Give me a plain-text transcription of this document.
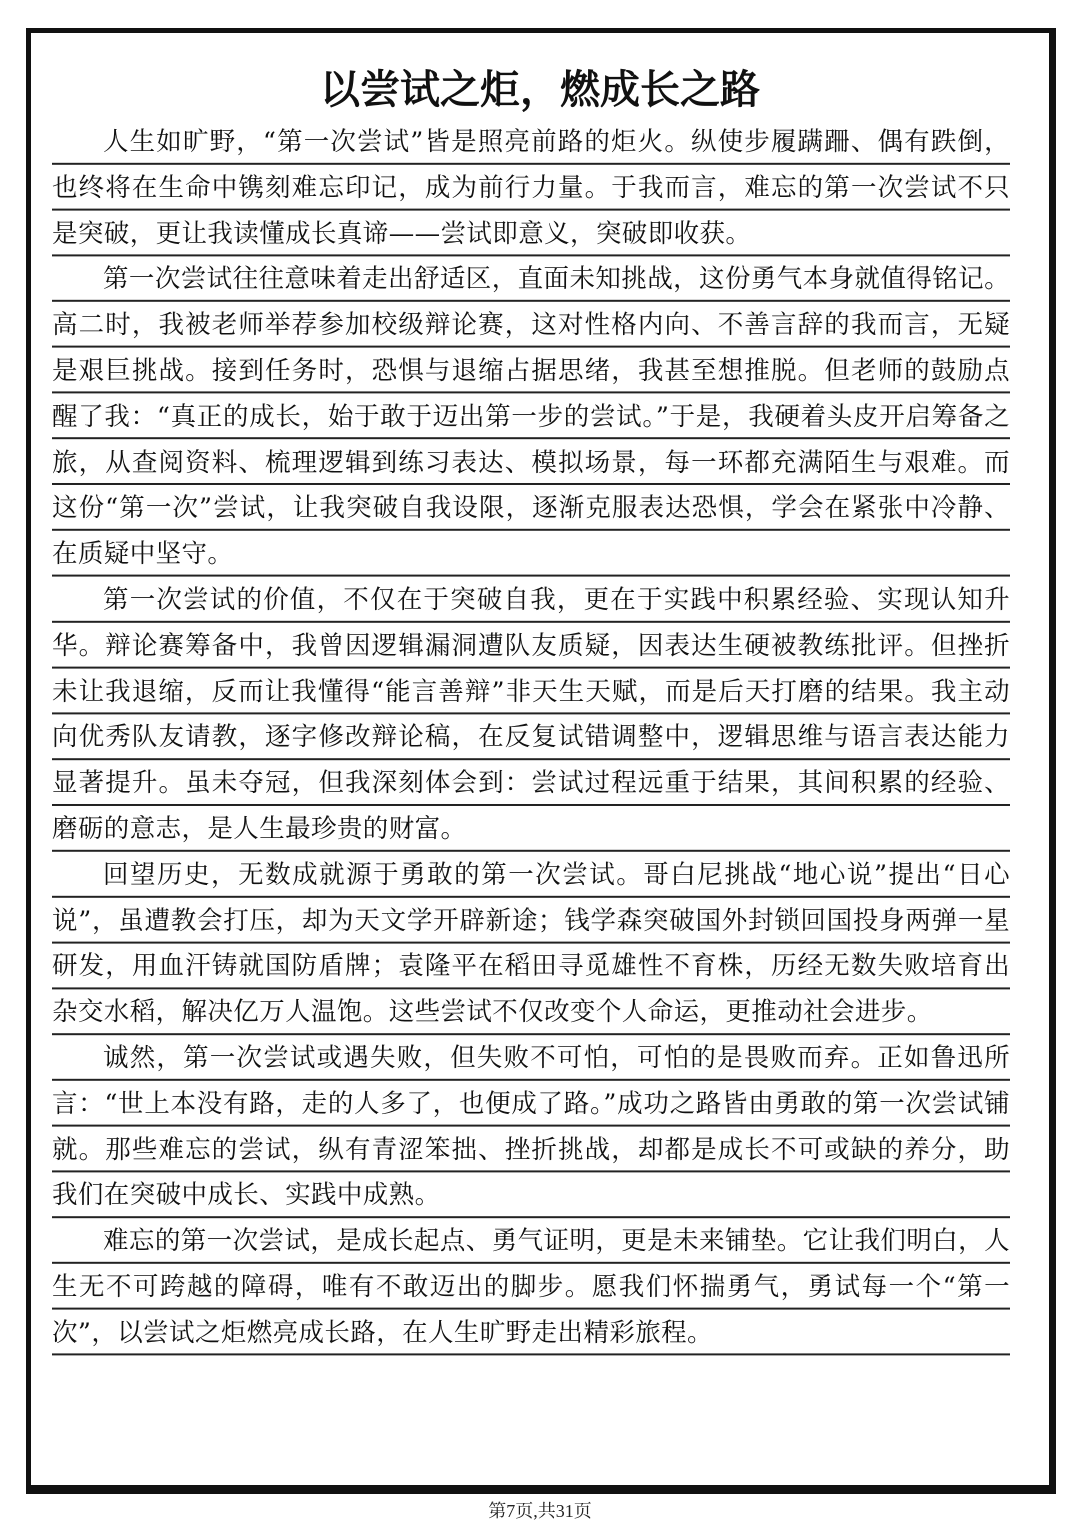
以尝试之炬，燃成长之路

人生如旷野，“第一次尝试”皆是照亮前路的炬火。纵使步履蹒跚、偶有跌倒，也终将在生命中镌刻难忘印记，成为前行力量。于我而言，难忘的第一次尝试不只是突破，更让我读懂成长真谛——尝试即意义，突破即收获。

第一次尝试往往意味着走出舒适区，直面未知挑战，这份勇气本身就值得铭记。高二时，我被老师举荐参加校级辩论赛，这对性格内向、不善言辞的我而言，无疑是艰巨挑战。接到任务时，恐惧与退缩占据思绪，我甚至想推脱。但老师的鼓励点醒了我：“真正的成长，始于敢于迈出第一步的尝试。”于是，我硬着头皮开启筹备之旅，从查阅资料、梳理逻辑到练习表达、模拟场景，每一环都充满陌生与艰难。而这份“第一次”尝试，让我突破自我设限，逐渐克服表达恐惧，学会在紧张中冷静、在质疑中坚守。

第一次尝试的价值，不仅在于突破自我，更在于实践中积累经验、实现认知升华。辩论赛筹备中，我曾因逻辑漏洞遭队友质疑，因表达生硬被教练批评。但挫折未让我退缩，反而让我懂得“能言善辩”非天生天赋，而是后天打磨的结果。我主动向优秀队友请教，逐字修改辩论稿，在反复试错调整中，逻辑思维与语言表达能力显著提升。虽未夺冠，但我深刻体会到：尝试过程远重于结果，其间积累的经验、磨砺的意志，是人生最珍贵的财富。

回望历史，无数成就源于勇敢的第一次尝试。哥白尼挑战“地心说”提出“日心说”，虽遭教会打压，却为天文学开辟新途；钱学森突破国外封锁回国投身两弹一星研发，用血汗铸就国防盾牌；袁隆平在稻田寻觅雄性不育株，历经无数失败培育出杂交水稻，解决亿万人温饱。这些尝试不仅改变个人命运，更推动社会进步。

诚然，第一次尝试或遇失败，但失败不可怕，可怕的是畏败而弃。正如鲁迅所言：“世上本没有路，走的人多了，也便成了路。”成功之路皆由勇敢的第一次尝试铺就。那些难忘的尝试，纵有青涩笨拙、挫折挑战，却都是成长不可或缺的养分，助我们在突破中成长、实践中成熟。

难忘的第一次尝试，是成长起点、勇气证明，更是未来铺垫。它让我们明白，人生无不可跨越的障碍，唯有不敢迈出的脚步。愿我们怀揣勇气，勇试每一个“第一次”，以尝试之炬燃亮成长路，在人生旷野走出精彩旅程。

第7页,共31页
